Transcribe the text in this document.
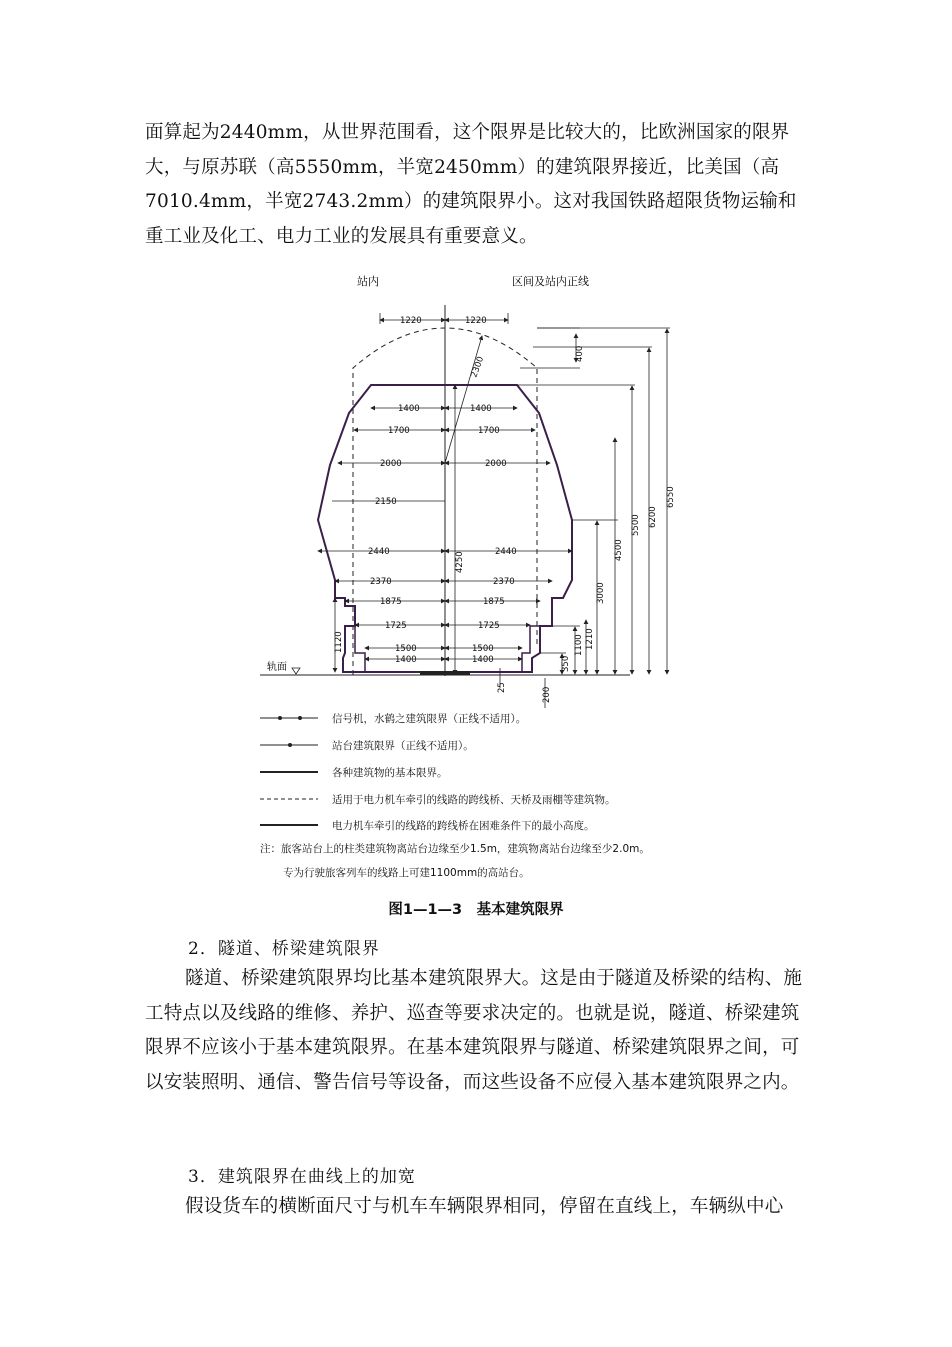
面算起为2440mm，从世界范围看，这个限界是比较大的，比欧洲国家的限界大，与原苏联（高5550mm，半宽2450mm）的建筑限界接近，比美国（高7010.4mm，半宽2743.2mm）的建筑限界小。这对我国铁路超限货物运输和重工业及化工、电力工业的发展具有重要意义。

站内	区间及站内正线
轨面
1220	1220
1400	1400
1700	1700
2000	2000
2150
2440	2440
2370	2370
1875	1875
1725	1725
1500	1500
1400	1400
2300
400
6550
6200
5500
4500
3000
1100 1210
350
1120
4250
25	200
信号机，水鹤之建筑限界（正线不适用）。
站台建筑限界（正线不适用）。
各种建筑物的基本限界。
适用于电力机车牵引的线路的跨线桥、天桥及雨棚等建筑物。
电力机车牵引的线路的跨线桥在困难条件下的最小高度。
注：旅客站台上的柱类建筑物离站台边缘至少1.5m，建筑物离站台边缘至少2.0m。
专为行驶旅客列车的线路上可建1100mm的高站台。
图1—1—3　基本建筑限界

2．隧道、桥梁建筑限界

隧道、桥梁建筑限界均比基本建筑限界大。这是由于隧道及桥梁的结构、施工特点以及线路的维修、养护、巡查等要求决定的。也就是说，隧道、桥梁建筑限界不应该小于基本建筑限界。在基本建筑限界与隧道、桥梁建筑限界之间，可以安装照明、通信、警告信号等设备，而这些设备不应侵入基本建筑限界之内。

3．建筑限界在曲线上的加宽

假设货车的横断面尺寸与机车车辆限界相同，停留在直线上，车辆纵中心
